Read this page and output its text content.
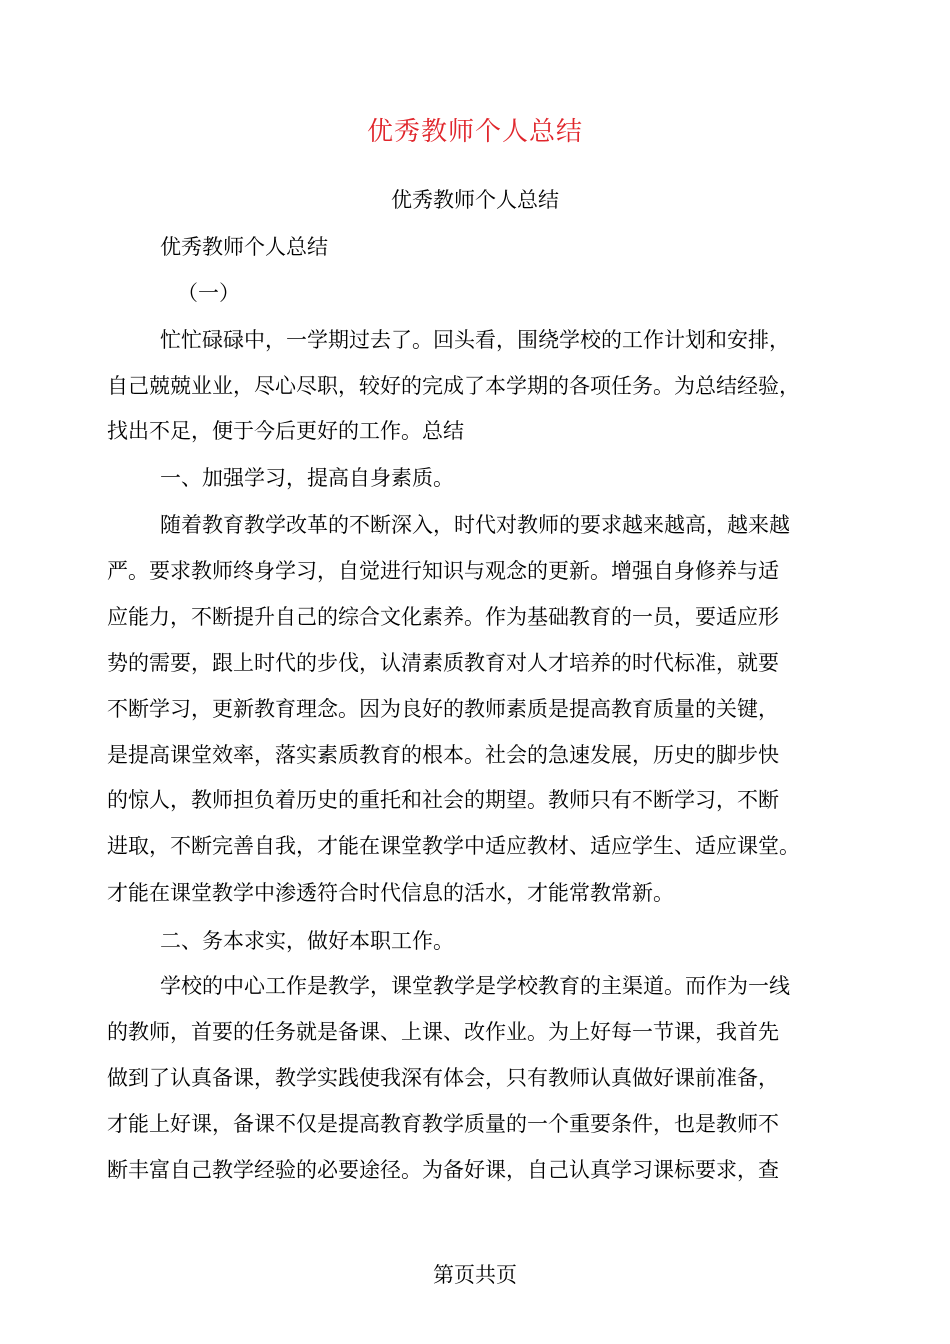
优秀教师个人总结
优秀教师个人总结
优秀教师个人总结
（一）
忙忙碌碌中，一学期过去了。回头看，围绕学校的工作计划和安排，
自己兢兢业业，尽心尽职，较好的完成了本学期的各项任务。为总结经验，
找出不足，便于今后更好的工作。总结
一、加强学习，提高自身素质。
随着教育教学改革的不断深入，时代对教师的要求越来越高，越来越
严。要求教师终身学习，自觉进行知识与观念的更新。增强自身修养与适
应能力，不断提升自己的综合文化素养。作为基础教育的一员，要适应形
势的需要，跟上时代的步伐，认清素质教育对人才培养的时代标准，就要
不断学习，更新教育理念。因为良好的教师素质是提高教育质量的关键，
是提高课堂效率，落实素质教育的根本。社会的急速发展，历史的脚步快
的惊人，教师担负着历史的重托和社会的期望。教师只有不断学习，不断
进取，不断完善自我，才能在课堂教学中适应教材、适应学生、适应课堂。
才能在课堂教学中渗透符合时代信息的活水，才能常教常新。
二、务本求实，做好本职工作。
学校的中心工作是教学，课堂教学是学校教育的主渠道。而作为一线
的教师，首要的任务就是备课、上课、改作业。为上好每一节课，我首先
做到了认真备课，教学实践使我深有体会，只有教师认真做好课前准备，
才能上好课，备课不仅是提高教育教学质量的一个重要条件，也是教师不
断丰富自己教学经验的必要途径。为备好课，自己认真学习课标要求，查
第页共页
